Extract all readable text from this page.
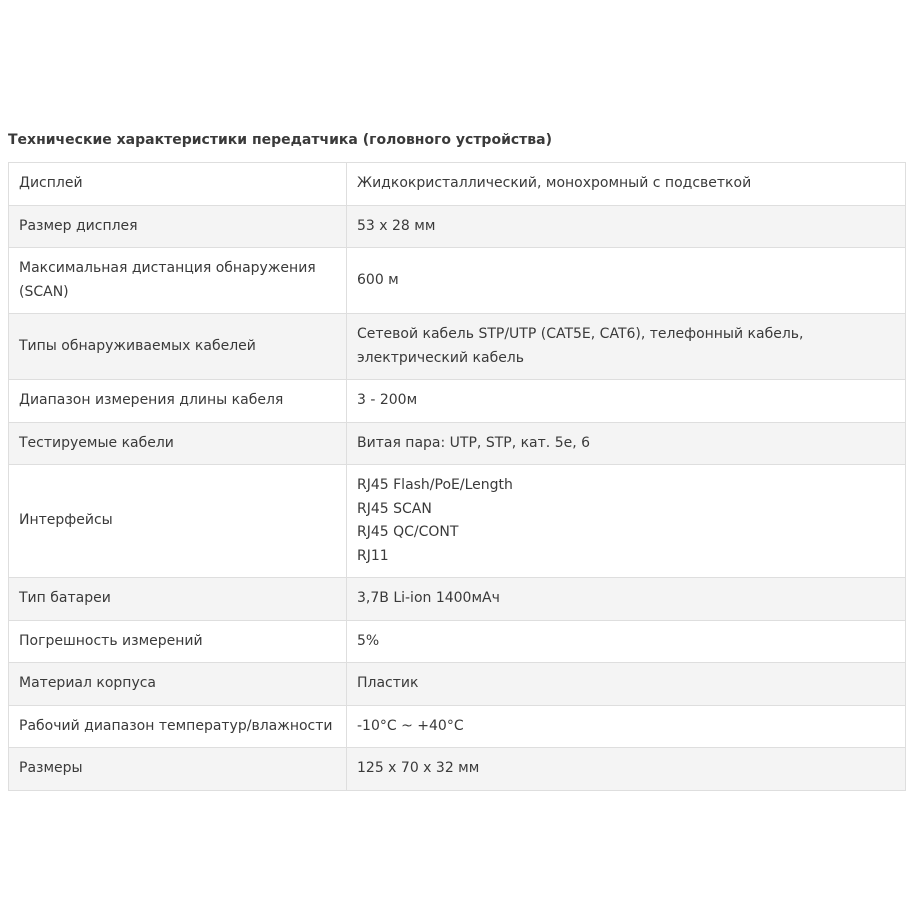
Технические характеристики передатчика (головного устройства)
Дисплей	Жидкокристаллический, монохромный с подсветкой

Размер дисплея	53 х 28 мм

Максимальная дистанция обнаружения (SCAN)	600 м

Типы обнаруживаемых кабелей	Сетевой кабель STP/UTP (CAT5E, CAT6), телефонный кабель, электрический кабель

Диапазон измерения длины кабеля	3 - 200м

Тестируемые кабели	Витая пара: UTP, STP, кат. 5е, 6

Интерфейсы	RJ45 Flash/PoE/Length
RJ45 SCAN
RJ45 QC/CONT
RJ11

Тип батареи	3,7В Li-ion 1400мАч

Погрешность измерений	5%

Материал корпуса	Пластик

Рабочий диапазон температур/влажности	-10°C ~ +40°C

Размеры	125 х 70 х 32 мм
